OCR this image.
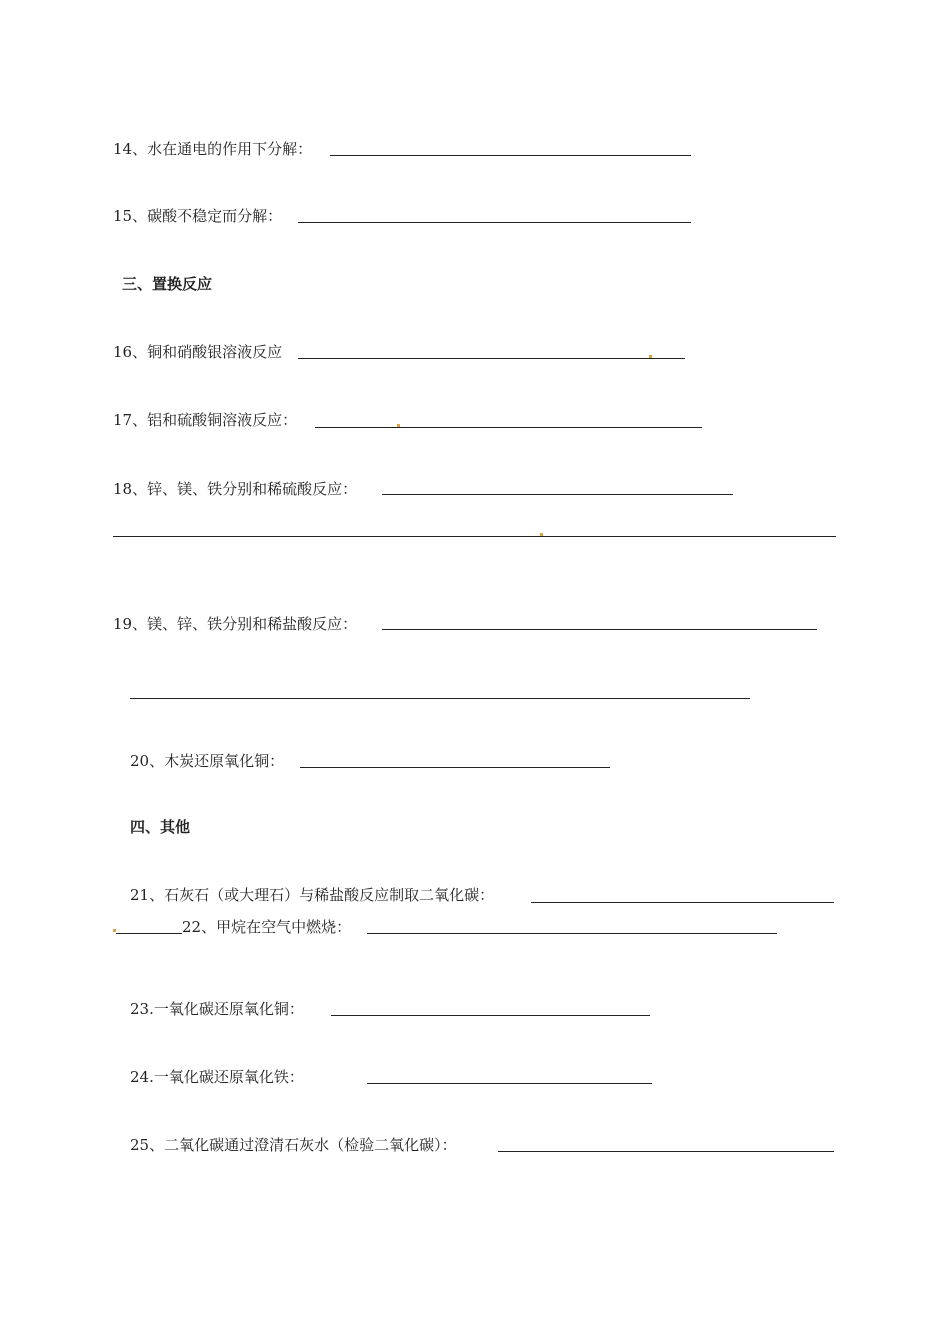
14、水在通电的作用下分解：
15、碳酸不稳定而分解：
三、置换反应
16、铜和硝酸银溶液反应
17、铝和硫酸铜溶液反应：
18、锌、镁、铁分别和稀硫酸反应：
19、镁、锌、铁分别和稀盐酸反应：
20、木炭还原氧化铜：
四、其他
21、石灰石（或大理石）与稀盐酸反应制取二氧化碳：
22、甲烷在空气中燃烧：
23.一氧化碳还原氧化铜：
24.一氧化碳还原氧化铁：
25、二氧化碳通过澄清石灰水（检验二氧化碳）：
